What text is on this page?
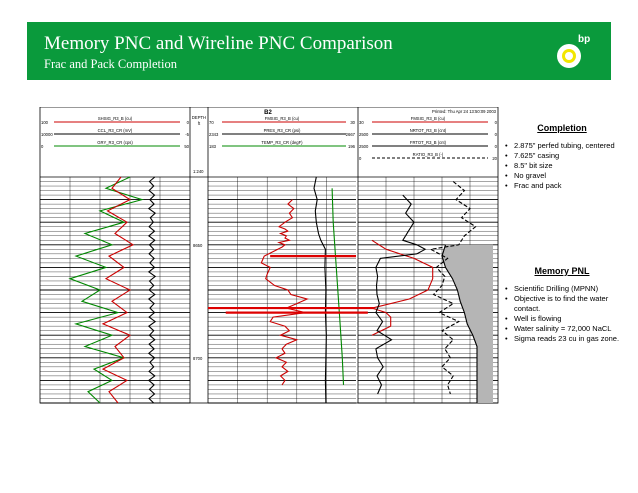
Memory PNC and Wireline PNC Comparison
Frac and Pack Completion
bp
B2	Printed: Thu Apr 24 13:50:09 2003
DEPTH
ft
1:240
8650
8700
SHSIG_R3_B (cu)
100	0
CCL_R3_CR (mV)
10000	-5
GRY_R3_CR (cps)
0	50
FMSIG_R3_B (cu)
70	30
PRES_R3_CR (psi)
2343	2667
TEMP_R3_CR (degF)
183	196
FMSIG_R3_B (cu)
30	0
NRTOT_R3_B (cnt)
2500	0
FRTOT_R3_B (cnt)
2500	0
RATIO_R3_B (-)
0	20
Completion
• 2.875" perfed tubing, centered
• 7.625" casing
• 8.5" bit size
• No gravel
• Frac and pack
Memory PNL
• Scientific Drilling (MPNN)
• Objective is to find the water contact.
• Well is flowing
• Water salinity = 72,000 NaCL
• Sigma reads 23 cu in gas zone.
